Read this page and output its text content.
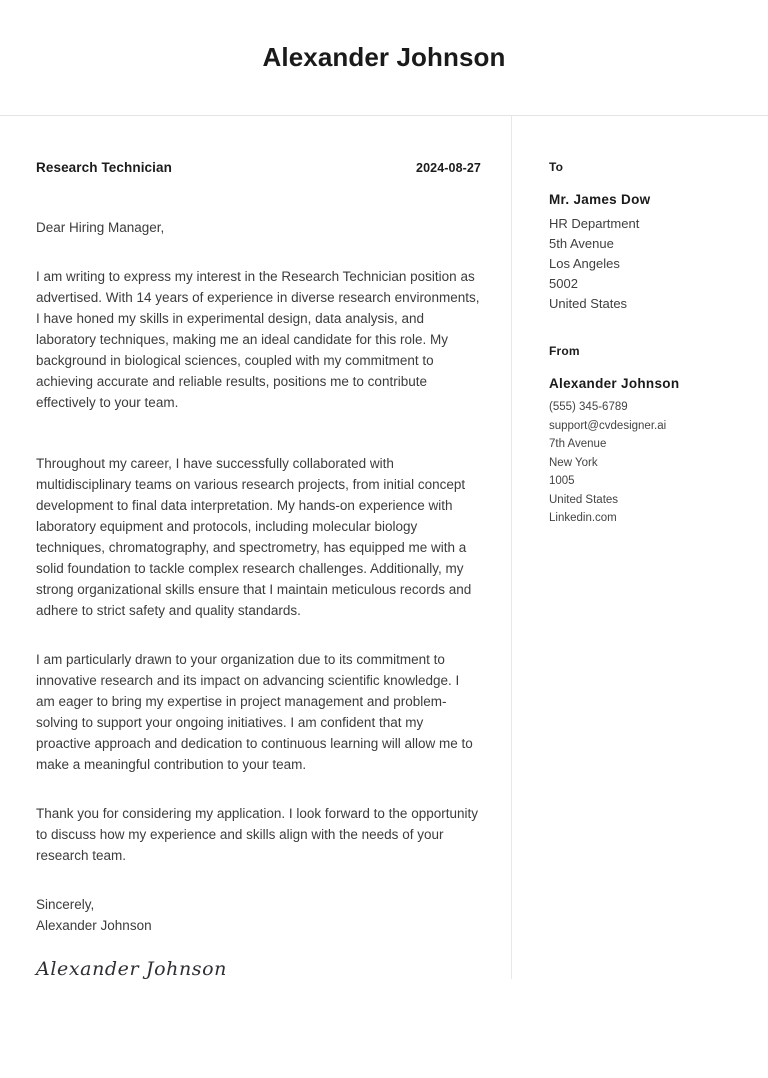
Alexander Johnson
Research Technician	2024-08-27
Dear Hiring Manager,

I am writing to express my interest in the Research Technician position as advertised. With 14 years of experience in diverse research environments, I have honed my skills in experimental design, data analysis, and laboratory techniques, making me an ideal candidate for this role. My background in biological sciences, coupled with my commitment to achieving accurate and reliable results, positions me to contribute effectively to your team.

Throughout my career, I have successfully collaborated with multidisciplinary teams on various research projects, from initial concept development to final data interpretation. My hands-on experience with laboratory equipment and protocols, including molecular biology techniques, chromatography, and spectrometry, has equipped me with a solid foundation to tackle complex research challenges. Additionally, my strong organizational skills ensure that I maintain meticulous records and adhere to strict safety and quality standards.

I am particularly drawn to your organization due to its commitment to innovative research and its impact on advancing scientific knowledge. I am eager to bring my expertise in project management and problem-solving to support your ongoing initiatives. I am confident that my proactive approach and dedication to continuous learning will allow me to make a meaningful contribution to your team.

Thank you for considering my application. I look forward to the opportunity to discuss how my experience and skills align with the needs of your research team.

Sincerely,
Alexander Johnson
Alexander Johnson
To
Mr. James Dow
HR Department
5th Avenue
Los Angeles
5002
United States
From
Alexander Johnson
(555) 345-6789
support@cvdesigner.ai
7th Avenue
New York
1005
United States
Linkedin.com
